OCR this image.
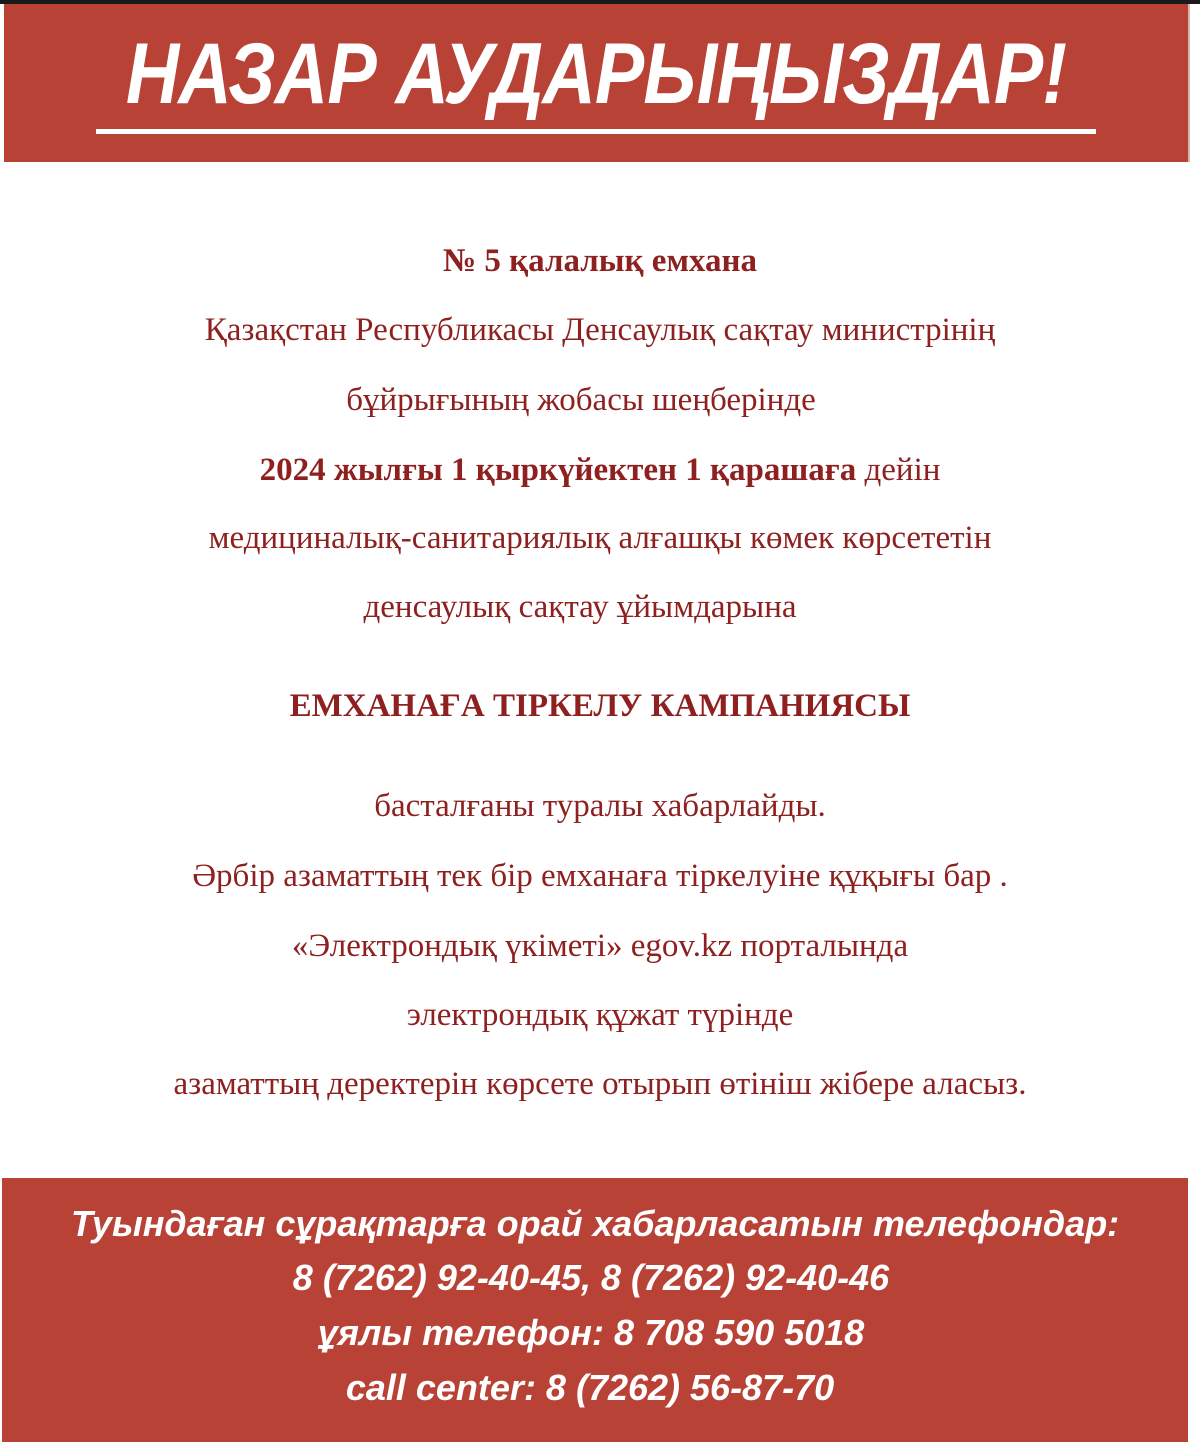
НАЗАР АУДАРЫҢЫЗДАР!
№ 5 қалалық емхана
Қазақстан Республикасы Денсаулық сақтау министрінің
бұйрығының жобасы шеңберінде
2024 жылғы 1 қыркүйектен 1 қарашаға дейін
медициналық-санитариялық алғашқы көмек көрсететін
денсаулық сақтау ұйымдарына
ЕМХАНАҒА ТІРКЕЛУ КАМПАНИЯСЫ
басталғаны туралы хабарлайды.
Әрбір азаматтың тек бір емханаға тіркелуіне құқығы бар .
«Электрондық үкіметі» egov.kz порталында
электрондық құжат түрінде
азаматтың деректерін көрсете отырып өтініш жібере аласыз.
Туындаған сұрақтарға орай хабарласатын телефондар:
8 (7262) 92-40-45, 8 (7262) 92-40-46
ұялы телефон: 8 708 590 5018
call center: 8 (7262) 56-87-70
